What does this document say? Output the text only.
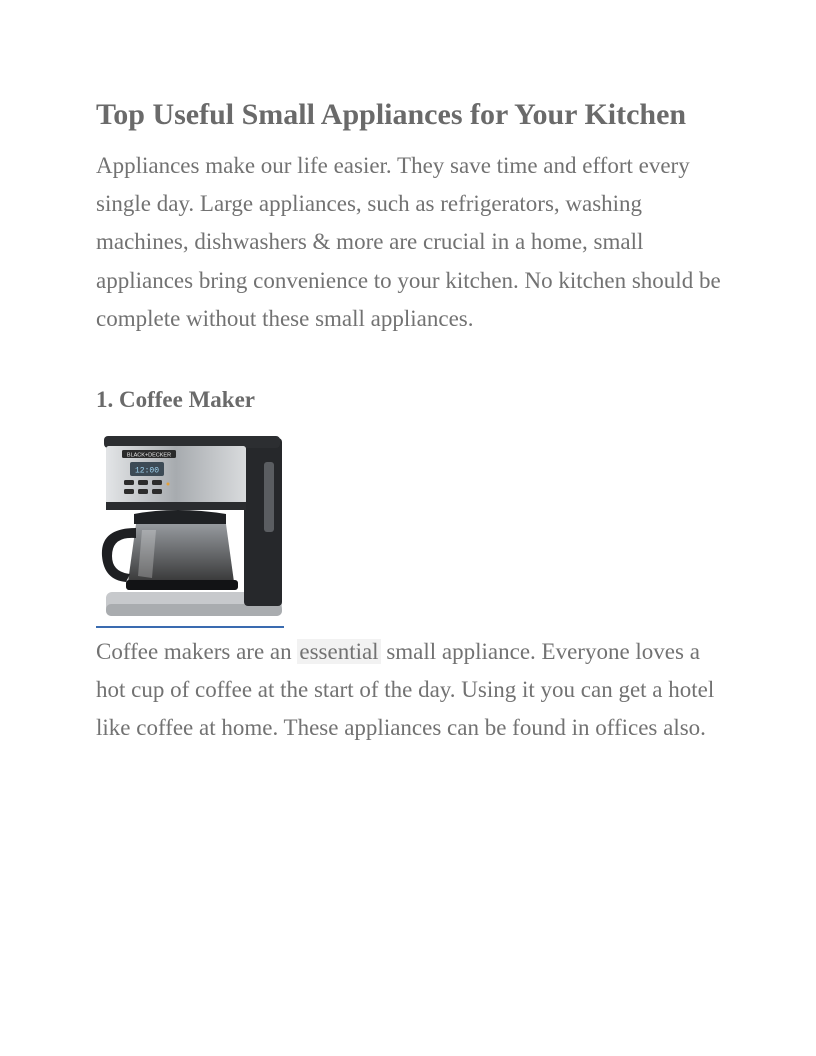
Top Useful Small Appliances for Your Kitchen

Appliances make our life easier. They save time and effort every single day. Large appliances, such as refrigerators, washing machines, dishwashers & more are crucial in a home, small appliances bring convenience to your kitchen. No kitchen should be complete without these small appliances.

1. Coffee Maker
BLACK+DECKER
12:00

Coffee makers are an essential small appliance. Everyone loves a hot cup of coffee at the start of the day. Using it you can get a hotel like coffee at home. These appliances can be found in offices also.
